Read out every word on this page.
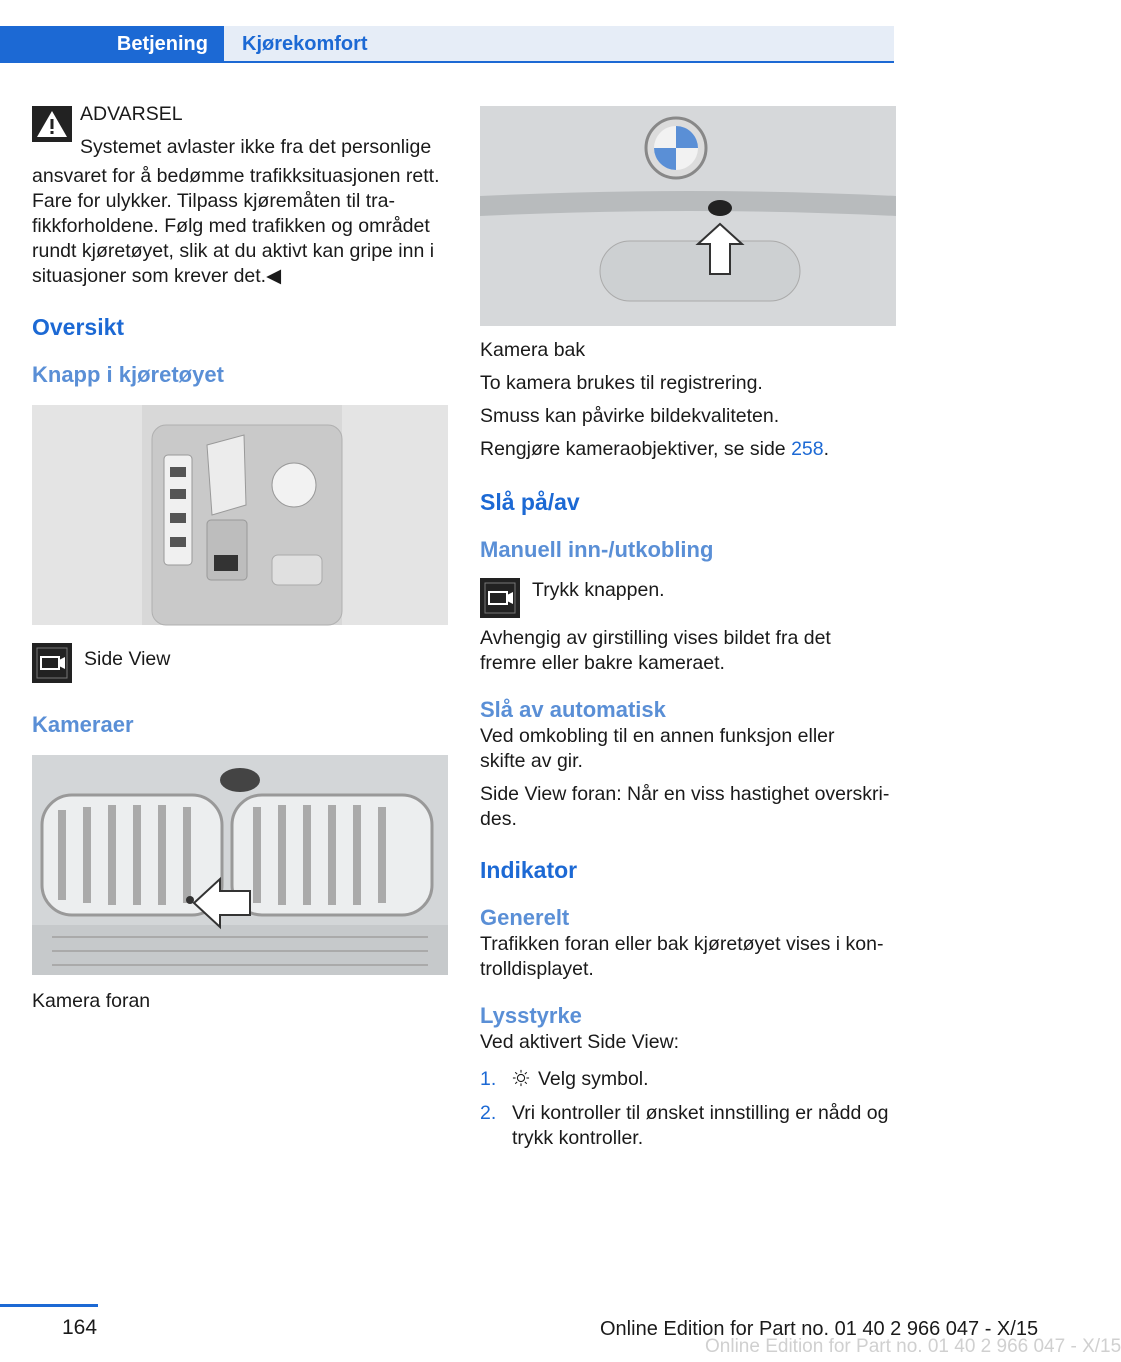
Betjening Kjørekomfort

ADVARSEL

Systemet avlaster ikke fra det personlige

ansvaret for å bedømme trafikksituasjonen rett. Fare for ulykker. Tilpass kjøremåten til tra‐fikkforholdene. Følg med trafikken og området rundt kjøretøyet, slik at du aktivt kan gripe inn i situasjoner som krever det.◀

Oversikt
Knapp i kjøretøyet

Side View

Kameraer

Kamera foran

Kamera bak

To kamera brukes til registrering.

Smuss kan påvirke bildekvaliteten.

Rengjøre kameraobjektiver, se side 258.

Slå på/av
Manuell inn-/utkobling

Trykk knappen.

Avhengig av girstilling vises bildet fra det fremre eller bakre kameraet.

Slå av automatisk

Ved omkobling til en annen funksjon eller skifte av gir.

Side View foran: Når en viss hastighet overskri‐des.

Indikator
Generelt

Trafikken foran eller bak kjøretøyet vises i kon‐trolldisplayet.

Lysstyrke

Ved aktivert Side View:

1. Velg symbol.
2. Vri kontroller til ønsket innstilling er nådd og trykk kontroller.
164	Online Edition for Part no. 01 40 2 966 047 - X/15
Online Edition for Part no. 01 40 2 966 047 - X/15
